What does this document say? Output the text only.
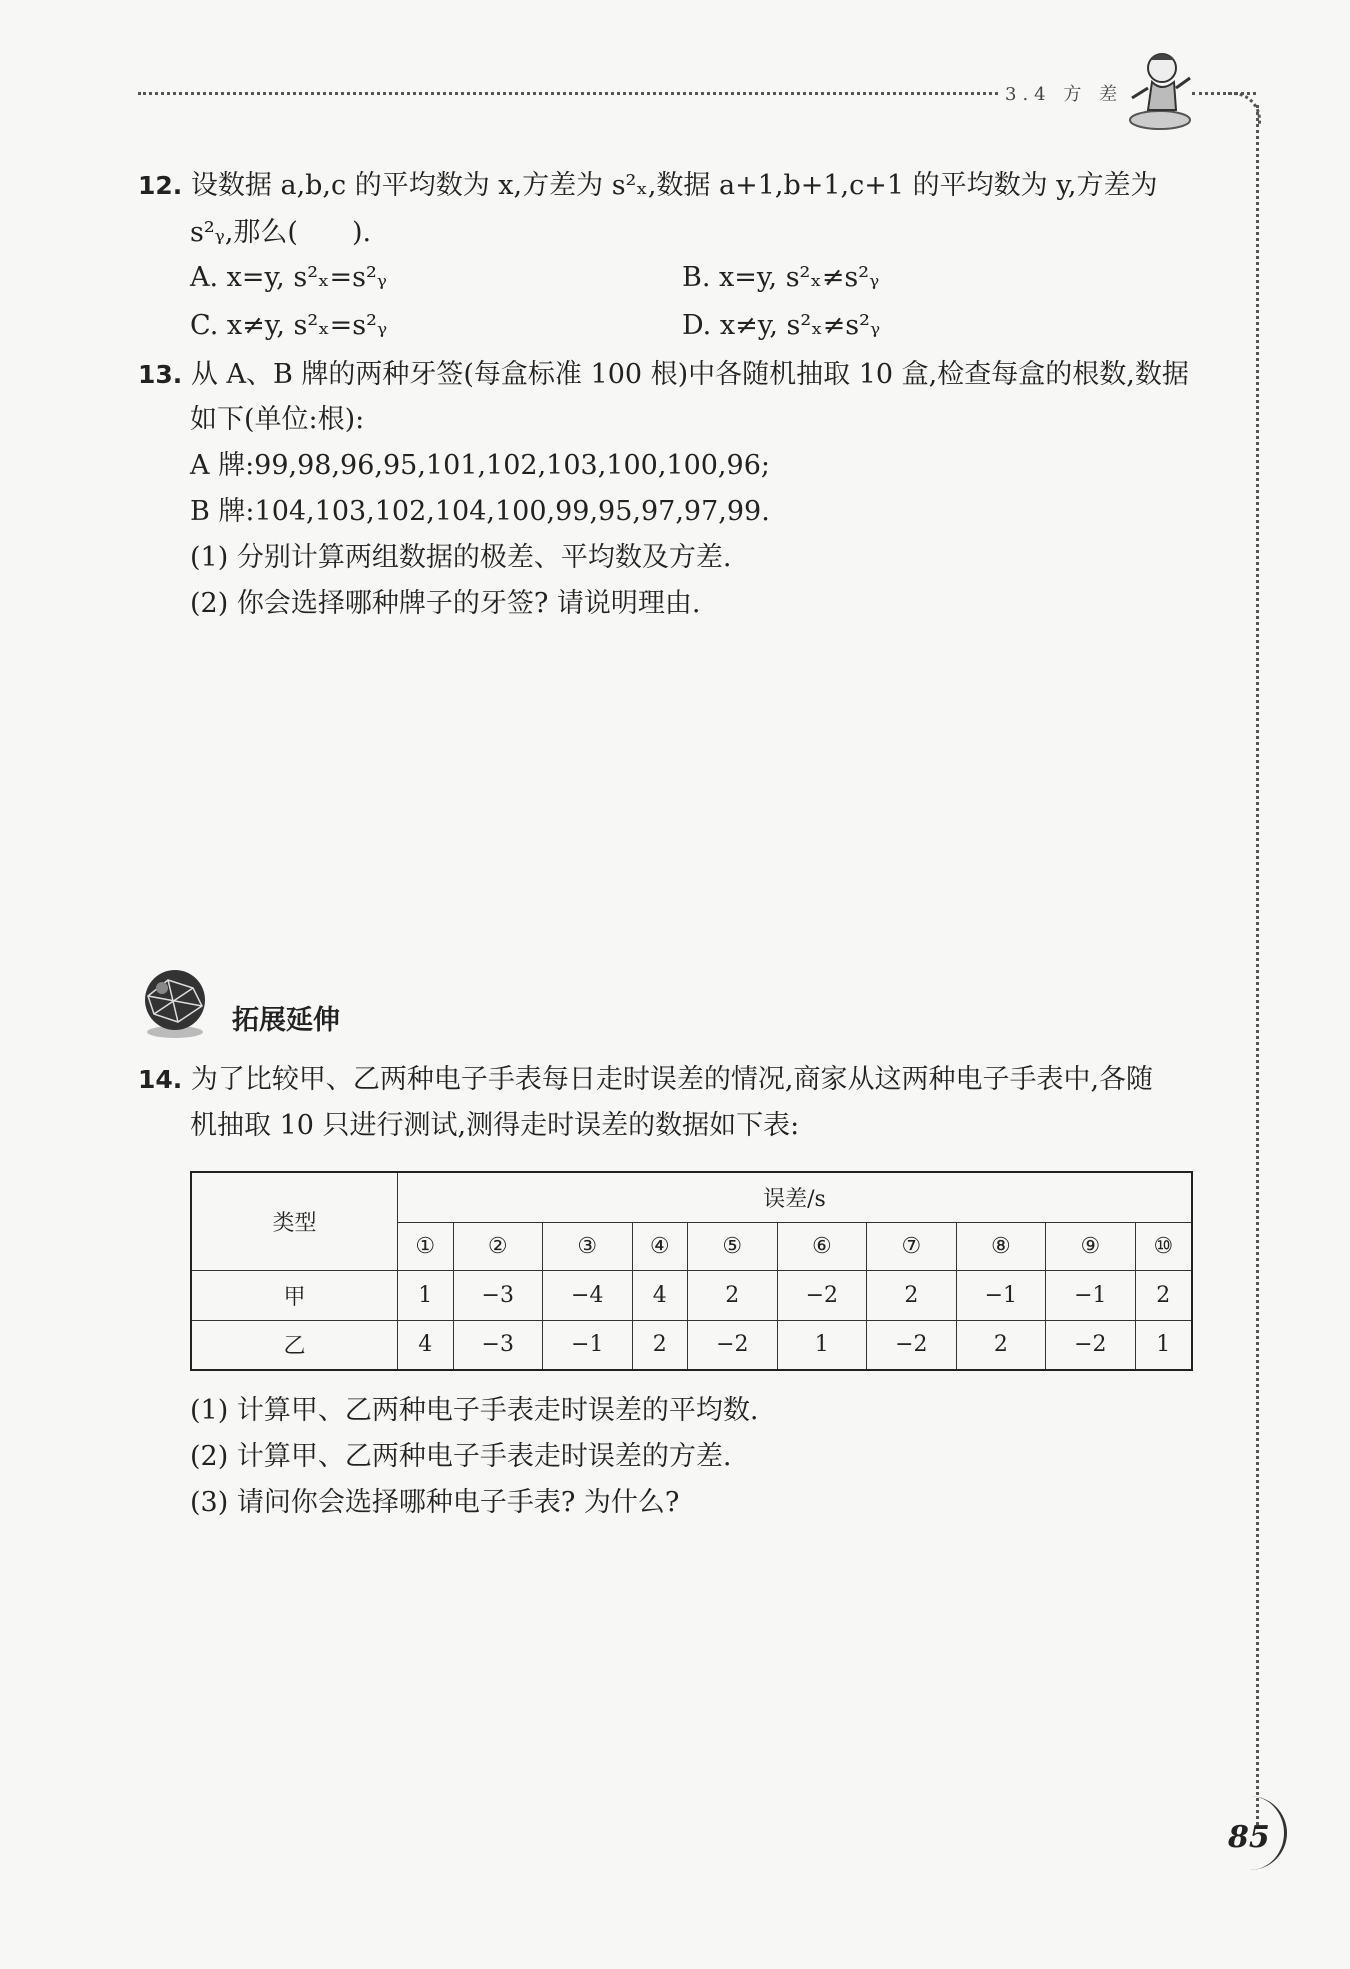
3.4 方 差
12. 设数据 a,b,c 的平均数为 x,方差为 s²ₓ,数据 a+1,b+1,c+1 的平均数为 y,方差为
s²ᵧ,那么(　　).
A. x=y, s²ₓ=s²ᵧ	B. x=y, s²ₓ≠s²ᵧ
C. x≠y, s²ₓ=s²ᵧ	D. x≠y, s²ₓ≠s²ᵧ
13. 从 A、B 牌的两种牙签(每盒标准 100 根)中各随机抽取 10 盒,检查每盒的根数,数据
如下(单位:根):
A 牌:99,98,96,95,101,102,103,100,100,96;
B 牌:104,103,102,104,100,99,95,97,97,99.
(1) 分别计算两组数据的极差、平均数及方差.
(2) 你会选择哪种牌子的牙签? 请说明理由.
拓展延伸
14. 为了比较甲、乙两种电子手表每日走时误差的情况,商家从这两种电子手表中,各随
机抽取 10 只进行测试,测得走时误差的数据如下表:
类型	误差/s									
	①	②	③	④	⑤	⑥	⑦	⑧	⑨	⑩
甲	1	−3	−4	4	2	−2	2	−1	−1	2
乙	4	−3	−1	2	−2	1	−2	2	−2	1
(1) 计算甲、乙两种电子手表走时误差的平均数.
(2) 计算甲、乙两种电子手表走时误差的方差.
(3) 请问你会选择哪种电子手表? 为什么?
85
